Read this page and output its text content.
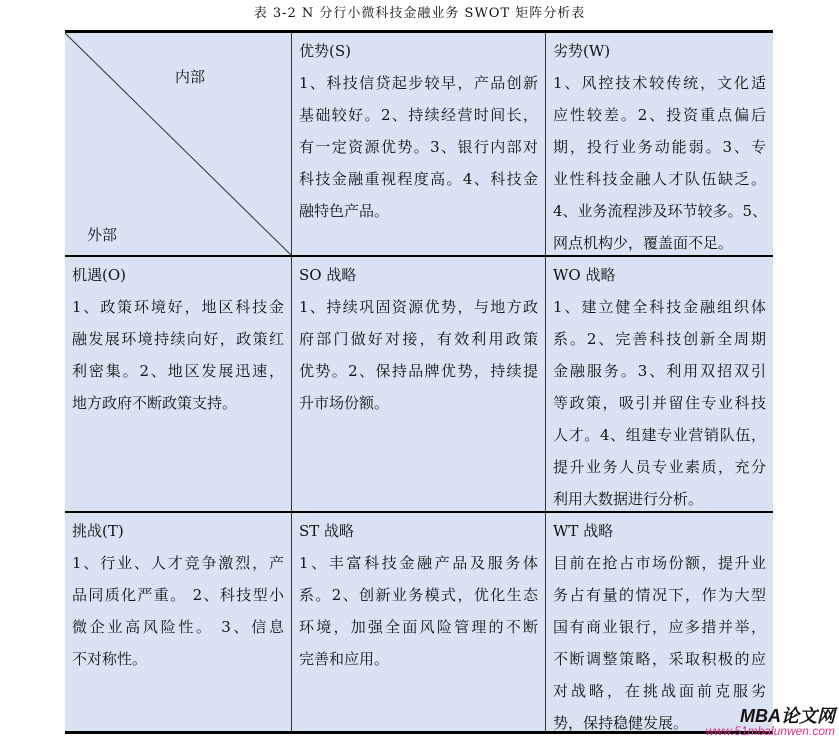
表 3-2 N 分行小微科技金融业务 SWOT 矩阵分析表
内部
外部
优势(S)
1、科技信贷起步较早，产品创新
基础较好。2、持续经营时间长，
有一定资源优势。3、银行内部对
科技金融重视程度高。4、科技金
融特色产品。
劣势(W)
1、风控技术较传统，文化适
应性较差。2、投资重点偏后
期，投行业务动能弱。3、专
业性科技金融人才队伍缺乏。
4、业务流程涉及环节较多。5、
网点机构少，覆盖面不足。
机遇(O)
1、政策环境好，地区科技金
融发展环境持续向好，政策红
利密集。2、地区发展迅速，
地方政府不断政策支持。
SO 战略
1、持续巩固资源优势，与地方政
府部门做好对接，有效利用政策
优势。2、保持品牌优势，持续提
升市场份额。
WO 战略
1、建立健全科技金融组织体
系。2、完善科技创新全周期
金融服务。3、利用双招双引
等政策，吸引并留住专业科技
人才。4、组建专业营销队伍，
提升业务人员专业素质，充分
利用大数据进行分析。
挑战(T)
1、行业、人才竞争激烈，产
品同质化严重。 2、科技型小
微企业高风险性。 3、信息
不对称性。
ST 战略
1、丰富科技金融产品及服务体
系。2、创新业务模式，优化生态
环境，加强全面风险管理的不断
完善和应用。
WT 战略
目前在抢占市场份额，提升业
务占有量的情况下，作为大型
国有商业银行，应多措并举，
不断调整策略，采取积极的应
对战略，在挑战面前克服劣
势，保持稳健发展。	MBA论文网
www.51mbalunwen.com
